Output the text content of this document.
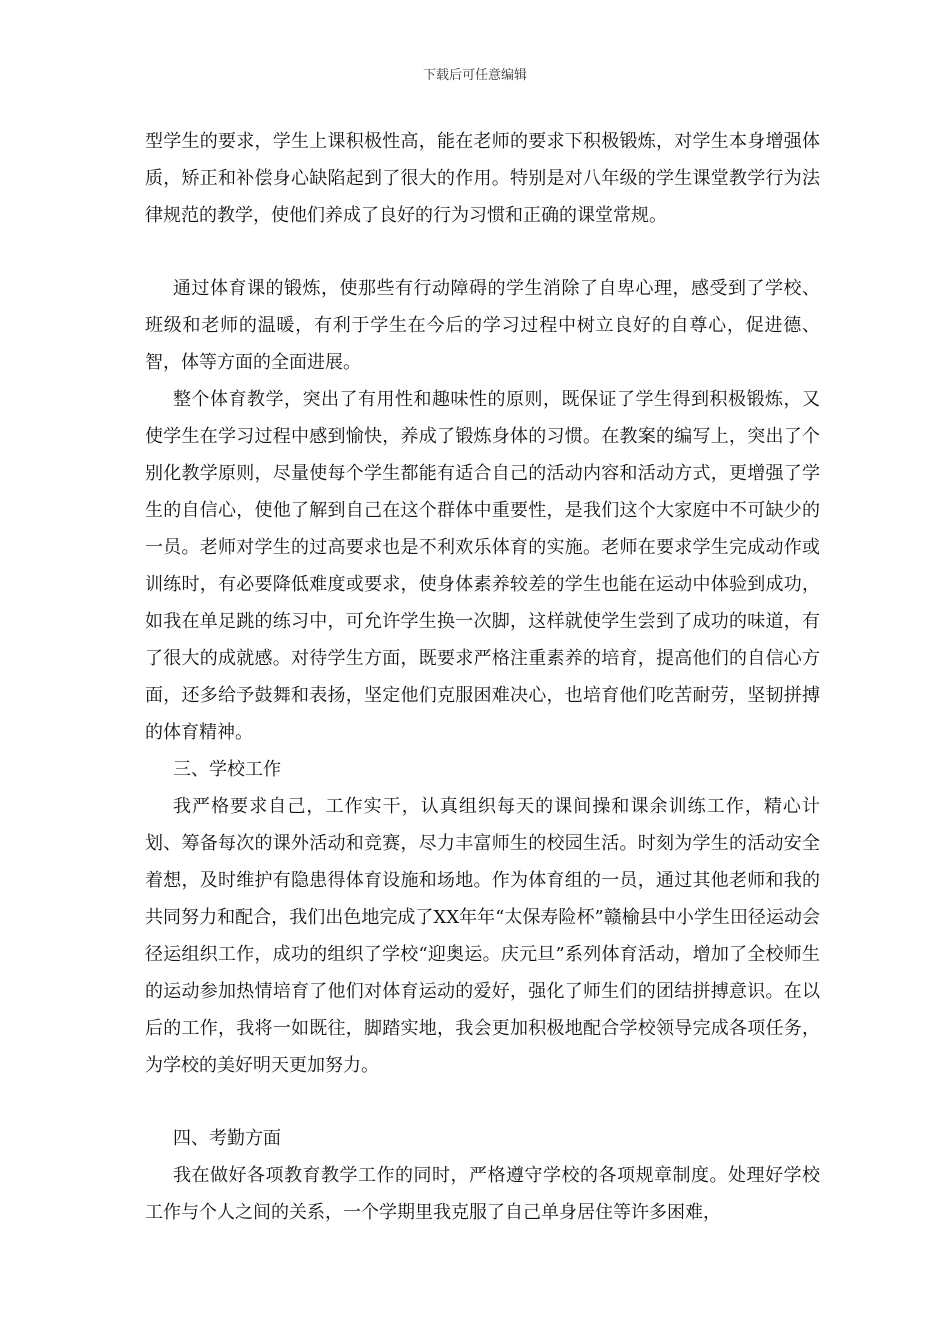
下载后可任意编辑

型学生的要求，学生上课积极性高，能在老师的要求下积极锻炼，对学生本身增强体质，矫正和补偿身心缺陷起到了很大的作用。特别是对八年级的学生课堂教学行为法律规范的教学，使他们养成了良好的行为习惯和正确的课堂常规。

通过体育课的锻炼，使那些有行动障碍的学生消除了自卑心理，感受到了学校、班级和老师的温暖，有利于学生在今后的学习过程中树立良好的自尊心，促进德、智，体等方面的全面进展。

整个体育教学，突出了有用性和趣味性的原则，既保证了学生得到积极锻炼，又使学生在学习过程中感到愉快，养成了锻炼身体的习惯。在教案的编写上，突出了个别化教学原则，尽量使每个学生都能有适合自己的活动内容和活动方式，更增强了学生的自信心，使他了解到自己在这个群体中重要性，是我们这个大家庭中不可缺少的一员。老师对学生的过高要求也是不利欢乐体育的实施。老师在要求学生完成动作或训练时，有必要降低难度或要求，使身体素养较差的学生也能在运动中体验到成功，如我在单足跳的练习中，可允许学生换一次脚，这样就使学生尝到了成功的味道，有了很大的成就感。对待学生方面，既要求严格注重素养的培育，提高他们的自信心方面，还多给予鼓舞和表扬，坚定他们克服困难决心，也培育他们吃苦耐劳，坚韧拼搏的体育精神。

三、学校工作

我严格要求自己，工作实干，认真组织每天的课间操和课余训练工作，精心计划、筹备每次的课外活动和竞赛，尽力丰富师生的校园生活。时刻为学生的活动安全着想，及时维护有隐患得体育设施和场地。作为体育组的一员，通过其他老师和我的共同努力和配合，我们出色地完成了XX年年“太保寿险杯”赣榆县中小学生田径运动会径运组织工作，成功的组织了学校“迎奥运。庆元旦”系列体育活动，增加了全校师生的运动参加热情培育了他们对体育运动的爱好，强化了师生们的团结拼搏意识。在以后的工作，我将一如既往，脚踏实地，我会更加积极地配合学校领导完成各项任务，为学校的美好明天更加努力。

四、考勤方面

我在做好各项教育教学工作的同时，严格遵守学校的各项规章制度。处理好学校工作与个人之间的关系，一个学期里我克服了自己单身居住等许多困难，
